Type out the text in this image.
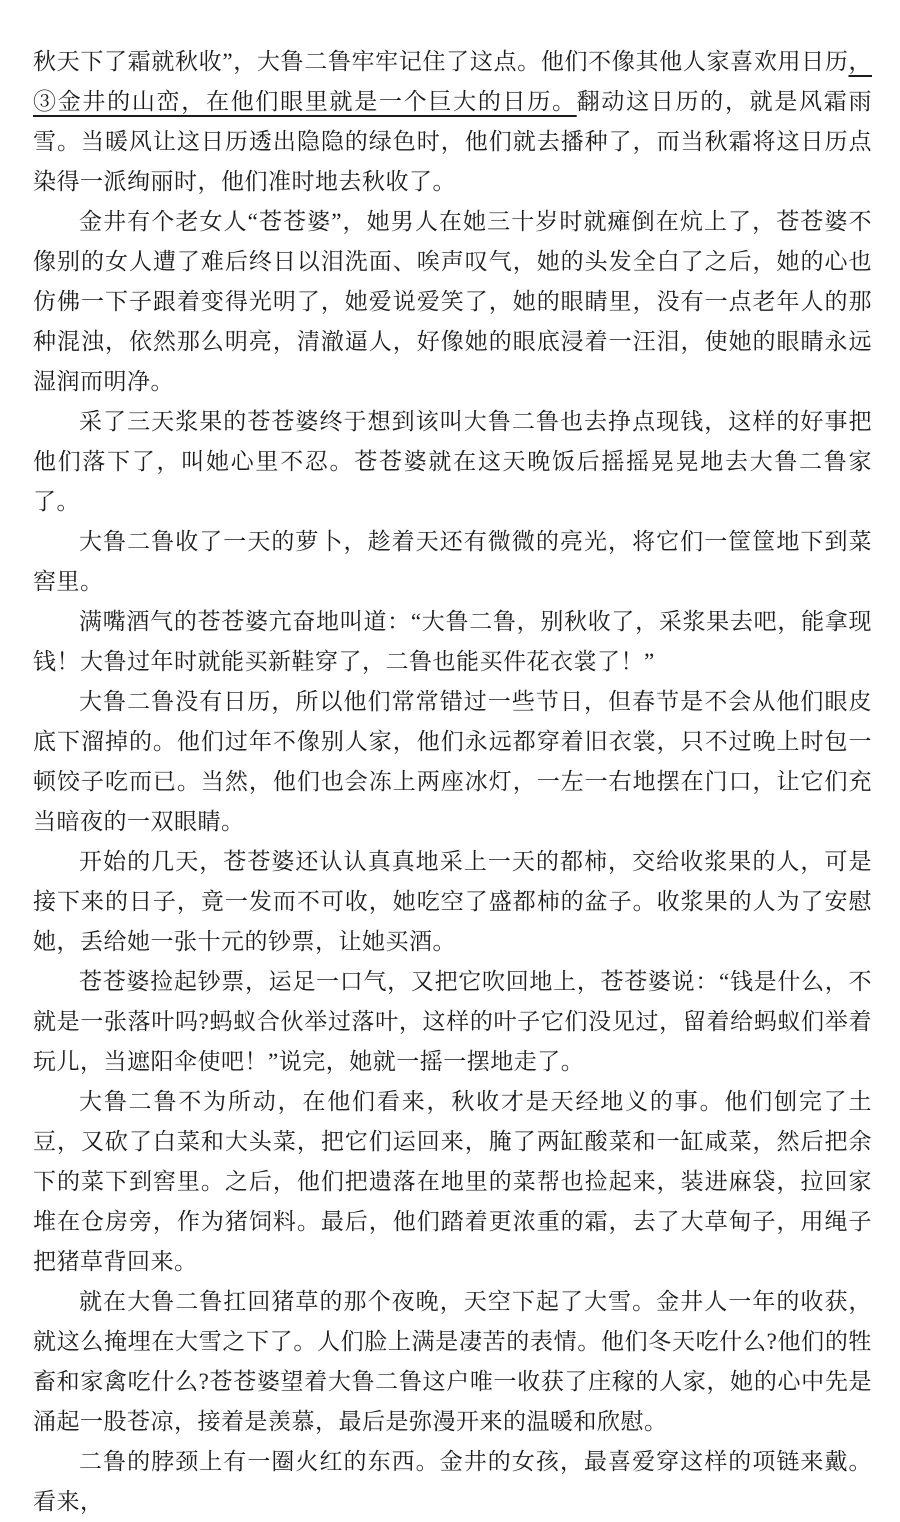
秋天下了霜就秋收”，大鲁二鲁牢牢记住了这点。他们不像其他人家喜欢用日历，③金井的山峦，在他们眼里就是一个巨大的日历。翻动这日历的，就是风霜雨雪。当暖风让这日历透出隐隐的绿色时，他们就去播种了，而当秋霜将这日历点染得一派绚丽时，他们准时地去秋收了。

金井有个老女人“苍苍婆”，她男人在她三十岁时就瘫倒在炕上了，苍苍婆不像别的女人遭了难后终日以泪洗面、唉声叹气，她的头发全白了之后，她的心也仿佛一下子跟着变得光明了，她爱说爱笑了，她的眼睛里，没有一点老年人的那种混浊，依然那么明亮，清澈逼人，好像她的眼底浸着一汪泪，使她的眼睛永远湿润而明净。

采了三天浆果的苍苍婆终于想到该叫大鲁二鲁也去挣点现钱，这样的好事把他们落下了，叫她心里不忍。苍苍婆就在这天晚饭后摇摇晃晃地去大鲁二鲁家了。

大鲁二鲁收了一天的萝卜，趁着天还有微微的亮光，将它们一筐筐地下到菜窖里。

满嘴酒气的苍苍婆亢奋地叫道：“大鲁二鲁，别秋收了，采浆果去吧，能拿现钱！大鲁过年时就能买新鞋穿了，二鲁也能买件花衣裳了！”

大鲁二鲁没有日历，所以他们常常错过一些节日，但春节是不会从他们眼皮底下溜掉的。他们过年不像别人家，他们永远都穿着旧衣裳，只不过晚上时包一顿饺子吃而已。当然，他们也会冻上两座冰灯，一左一右地摆在门口，让它们充当暗夜的一双眼睛。

开始的几天，苍苍婆还认认真真地采上一天的都柿，交给收浆果的人，可是接下来的日子，竟一发而不可收，她吃空了盛都柿的盆子。收浆果的人为了安慰她，丢给她一张十元的钞票，让她买酒。

苍苍婆捡起钞票，运足一口气，又把它吹回地上，苍苍婆说：“钱是什么，不就是一张落叶吗?蚂蚁合伙举过落叶，这样的叶子它们没见过，留着给蚂蚁们举着玩儿，当遮阳伞使吧！”说完，她就一摇一摆地走了。

大鲁二鲁不为所动，在他们看来，秋收才是天经地义的事。他们刨完了土豆，又砍了白菜和大头菜，把它们运回来，腌了两缸酸菜和一缸咸菜，然后把余下的菜下到窖里。之后，他们把遗落在地里的菜帮也捡起来，装进麻袋，拉回家堆在仓房旁，作为猪饲料。最后，他们踏着更浓重的霜，去了大草甸子，用绳子把猪草背回来。

就在大鲁二鲁扛回猪草的那个夜晚，天空下起了大雪。金井人一年的收获，就这么掩埋在大雪之下了。人们脸上满是凄苦的表情。他们冬天吃什么?他们的牲畜和家禽吃什么?苍苍婆望着大鲁二鲁这户唯一收获了庄稼的人家，她的心中先是涌起一股苍凉，接着是羡慕，最后是弥漫开来的温暖和欣慰。

二鲁的脖颈上有一圈火红的东西。金井的女孩，最喜爱穿这样的项链来戴。看来，
